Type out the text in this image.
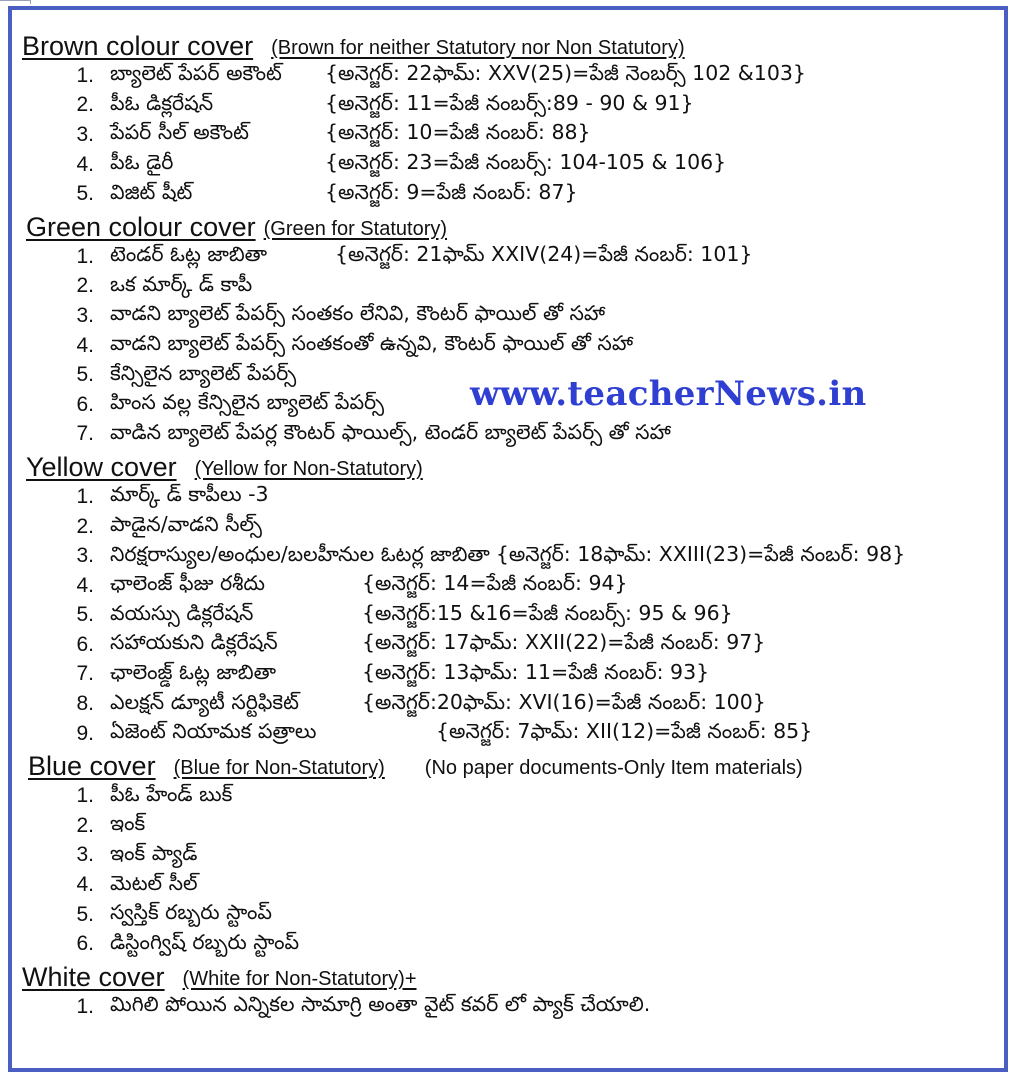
Brown colour cover (Brown for neither Statutory nor Non Statutory)
1. బ్యాలెట్ పేపర్ అకౌంట్	{అనెగ్జర్: 22ఫామ్: XXV(25)=పేజీ నెంబర్స్ 102 &103}
2. పీఓ డిక్లరేషన్	{అనెగ్జర్: 11=పేజీ నంబర్స్:89 - 90 & 91}
3. పేపర్ సీల్ అకౌంట్	{అనెగ్జర్: 10=పేజీ నంబర్: 88}
4. పీఓ డైరీ	{అనెగ్జర్: 23=పేజీ నంబర్స్: 104-105 & 106}
5. విజిట్ షీట్	{అనెగ్జర్: 9=పేజీ నంబర్: 87}
Green colour cover (Green for Statutory)
1. టెండర్ ఓట్ల జాబితా	{అనెగ్జర్: 21ఫామ్ XXIV(24)=పేజీ నంబర్: 101}
2. ఒక మార్క్ డ్ కాపీ
3. వాడని బ్యాలెట్ పేపర్స్ సంతకం లేనివి, కౌంటర్ ఫాయిల్ తో సహా
4. వాడని బ్యాలెట్ పేపర్స్ సంతకంతో ఉన్నవి, కౌంటర్ ఫాయిల్ తో సహా
5. కేన్సిలైన బ్యాలెట్ పేపర్స్
6. హింస వల్ల కేన్సిలైన బ్యాలెట్ పేపర్స్
7. వాడిన బ్యాలెట్ పేపర్ల కౌంటర్ ఫాయిల్స్, టెండర్ బ్యాలెట్ పేపర్స్ తో సహా
Yellow cover (Yellow for Non-Statutory)
1. మార్క్ డ్ కాపీలు -3
2. పాడైన/వాడని సీల్స్
3. నిరక్షరాస్యుల/అంధుల/బలహీనుల ఓటర్ల జాబితా {అనెగ్జర్: 18ఫామ్: XXIII(23)=పేజీ నంబర్: 98}
4. ఛాలెంజ్ ఫీజు రశీదు	{అనెగ్జర్: 14=పేజీ నంబర్: 94}
5. వయస్సు డిక్లరేషన్	{అనెగ్జర్:15 &16=పేజీ నంబర్స్: 95 & 96}
6. సహాయకుని డిక్లరేషన్	{అనెగ్జర్: 17ఫామ్: XXII(22)=పేజీ నంబర్: 97}
7. ఛాలెంజ్డ్ ఓట్ల జాబితా	{అనెగ్జర్: 13ఫామ్: 11=పేజీ నంబర్: 93}
8. ఎలక్షన్ డ్యూటీ సర్టిఫికెట్	{అనెగ్జర్:20ఫామ్: XVI(16)=పేజీ నంబర్: 100}
9. ఏజెంట్ నియామక పత్రాలు	{అనెగ్జర్: 7ఫామ్: XII(12)=పేజీ నంబర్: 85}
Blue cover (Blue for Non-Statutory) (No paper documents-Only Item materials)
1. పీఓ హేండ్ బుక్
2. ఇంక్
3. ఇంక్ ప్యాడ్
4. మెటల్ సీల్
5. స్వస్తిక్ రబ్బరు స్టాంప్
6. డిస్టింగ్విష్ రబ్బరు స్టాంప్
White cover (White for Non-Statutory)+
1. మిగిలి పోయిన ఎన్నికల సామాగ్రి అంతా వైట్ కవర్ లో ప్యాక్ చేయాలి.
www.teacherNews.in
